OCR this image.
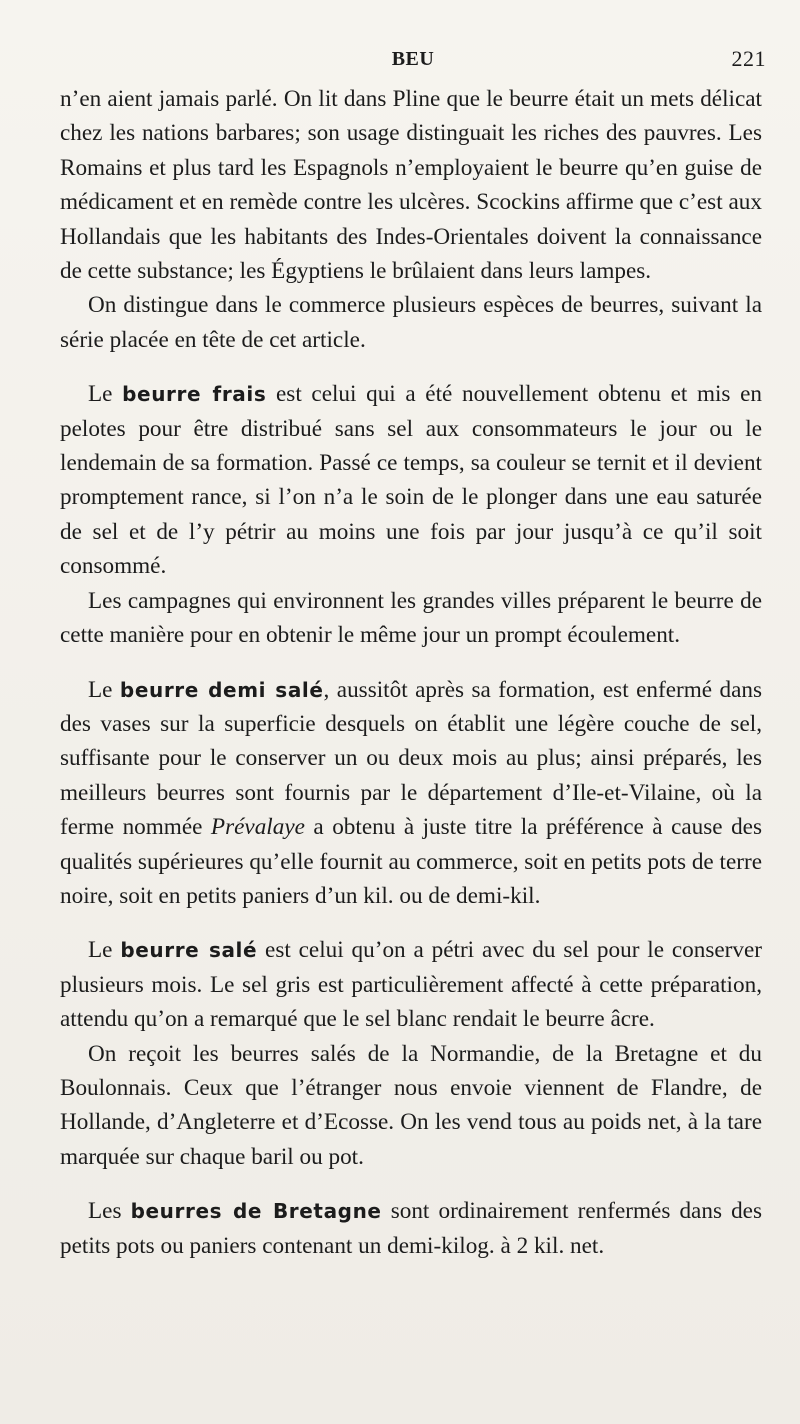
BEU	221

n’en aient jamais parlé. On lit dans Pline que le beurre était un mets délicat chez les nations barbares; son usage distinguait les riches des pauvres. Les Romains et plus tard les Espagnols n’employaient le beurre qu’en guise de médicament et en remède contre les ulcères. Scockins affirme que c’est aux Hollandais que les habitants des Indes-Orientales doivent la connaissance de cette substance; les Égyptiens le brûlaient dans leurs lampes.

On distingue dans le commerce plusieurs espèces de beurres, suivant la série placée en tête de cet article.

Le beurre frais est celui qui a été nouvellement obtenu et mis en pelotes pour être distribué sans sel aux consommateurs le jour ou le lendemain de sa formation. Passé ce temps, sa couleur se ternit et il devient promptement rance, si l’on n’a le soin de le plonger dans une eau saturée de sel et de l’y pétrir au moins une fois par jour jusqu’à ce qu’il soit consommé.

Les campagnes qui environnent les grandes villes préparent le beurre de cette manière pour en obtenir le même jour un prompt écoulement.

Le beurre demi salé, aussitôt après sa formation, est enfermé dans des vases sur la superficie desquels on établit une légère couche de sel, suffisante pour le conserver un ou deux mois au plus; ainsi préparés, les meilleurs beurres sont fournis par le département d’Ile-et-Vilaine, où la ferme nommée Prévalaye a obtenu à juste titre la préférence à cause des qualités supérieures qu’elle fournit au commerce, soit en petits pots de terre noire, soit en petits paniers d’un kil. ou de demi-kil.

Le beurre salé est celui qu’on a pétri avec du sel pour le conserver plusieurs mois. Le sel gris est particulièrement affecté à cette préparation, attendu qu’on a remarqué que le sel blanc rendait le beurre âcre.

On reçoit les beurres salés de la Normandie, de la Bretagne et du Boulonnais. Ceux que l’étranger nous envoie viennent de Flandre, de Hollande, d’Angleterre et d’Ecosse. On les vend tous au poids net, à la tare marquée sur chaque baril ou pot.

Les beurres de Bretagne sont ordinairement renfermés dans des petits pots ou paniers contenant un demi-kilog. à 2 kil. net.
